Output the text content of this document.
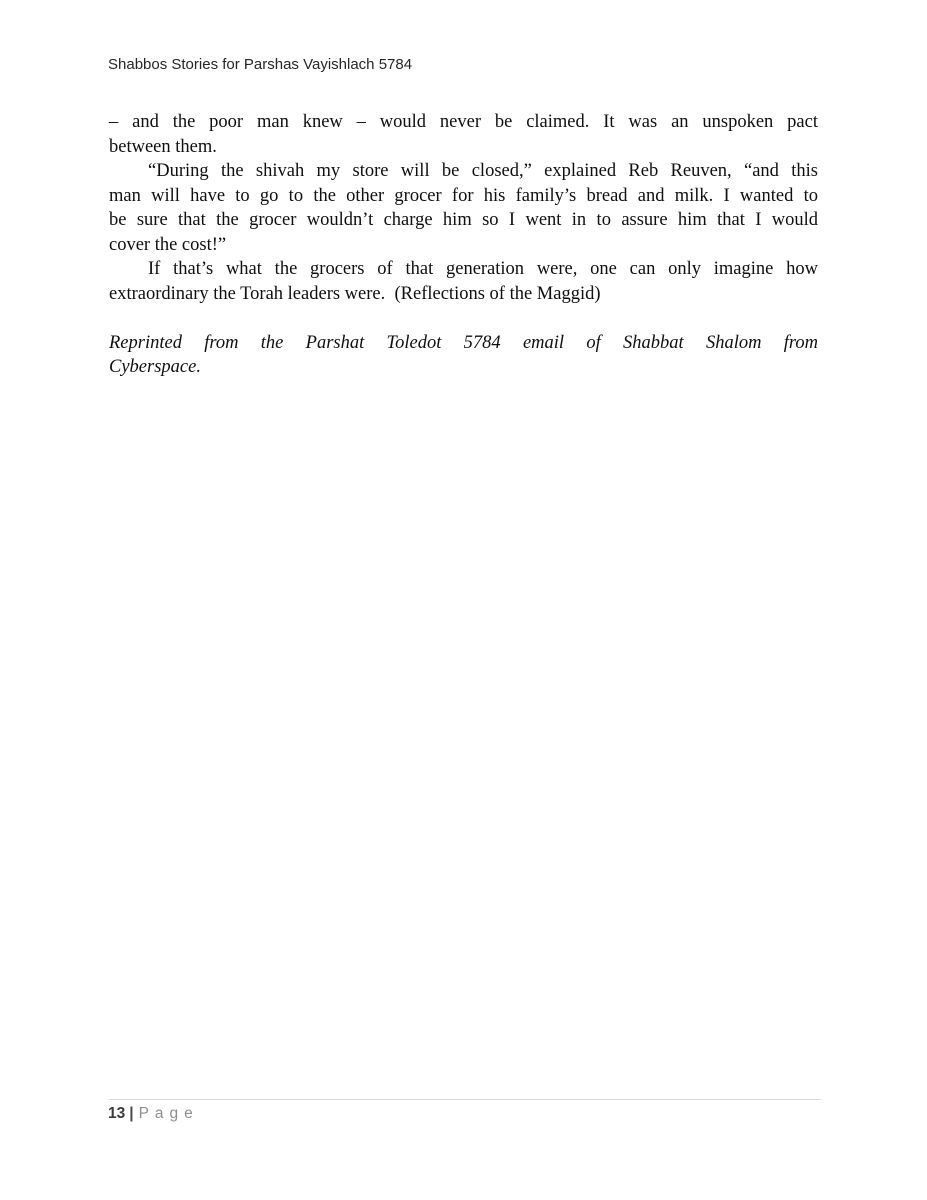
Shabbos Stories for Parshas Vayishlach 5784
– and the poor man knew – would never be claimed. It was an unspoken pact
between them.
“During the shivah my store will be closed,” explained Reb Reuven, “and this
man will have to go to the other grocer for his family’s bread and milk. I wanted to
be sure that the grocer wouldn’t charge him so I went in to assure him that I would
cover the cost!”
If that’s what the grocers of that generation were, one can only imagine how
extraordinary the Torah leaders were.  (Reflections of the Maggid)
Reprinted from the Parshat Toledot 5784 email of Shabbat Shalom from
Cyberspace.
13 | Page
